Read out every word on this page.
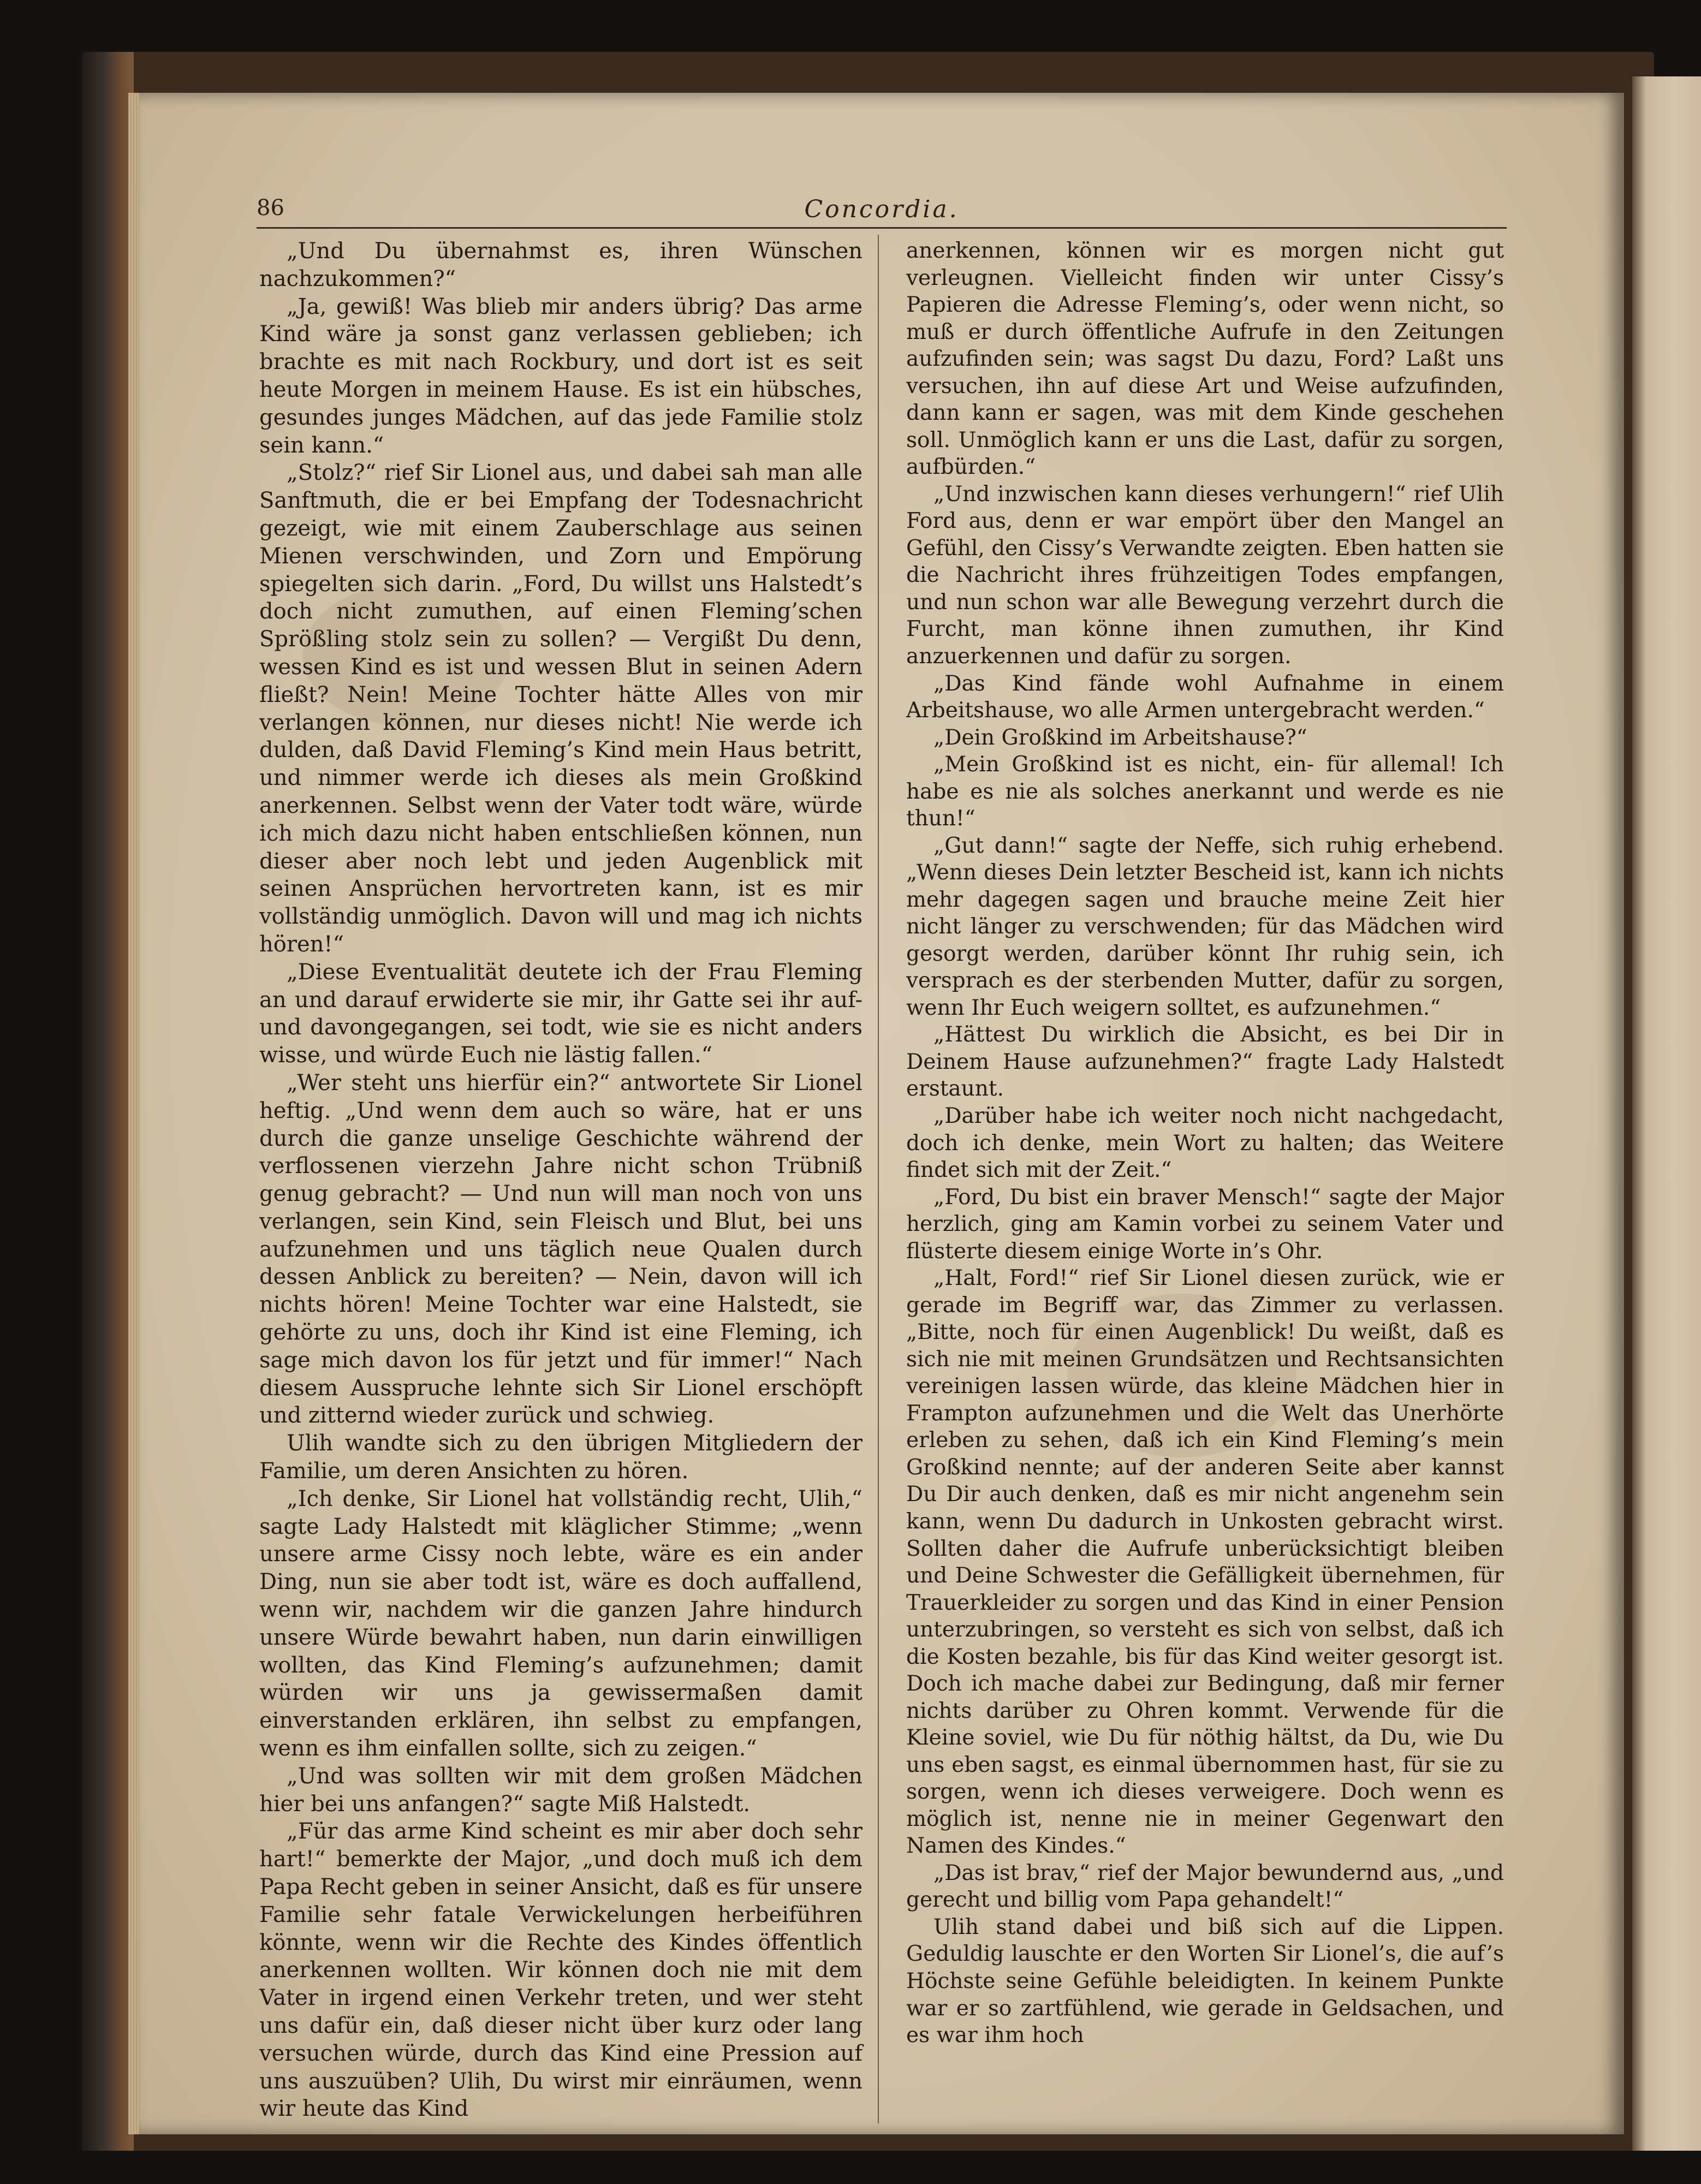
86	Concordia.

„Und Du übernahmst es, ihren Wünschen nachzukommen?“

„Ja, gewiß! Was blieb mir anders übrig? Das arme Kind wäre ja sonst ganz verlassen geblieben; ich brachte es mit nach Rockbury, und dort ist es seit heute Morgen in meinem Hause. Es ist ein hübsches, gesundes junges Mädchen, auf das jede Familie stolz sein kann.“

„Stolz?“ rief Sir Lionel aus, und dabei sah man alle Sanftmuth, die er bei Empfang der Todesnachricht gezeigt, wie mit einem Zauberschlage aus seinen Mienen verschwinden, und Zorn und Empörung spiegelten sich darin. „Ford, Du willst uns Halstedt’s doch nicht zumuthen, auf einen Fleming’schen Sprößling stolz sein zu sollen? — Vergißt Du denn, wessen Kind es ist und wessen Blut in seinen Adern fließt? Nein! Meine Tochter hätte Alles von mir verlangen können, nur dieses nicht! Nie werde ich dulden, daß David Fleming’s Kind mein Haus betritt, und nimmer werde ich dieses als mein Großkind anerkennen. Selbst wenn der Vater todt wäre, würde ich mich dazu nicht haben entschließen können, nun dieser aber noch lebt und jeden Augenblick mit seinen Ansprüchen hervortreten kann, ist es mir vollständig unmöglich. Davon will und mag ich nichts hören!“

„Diese Eventualität deutete ich der Frau Fleming an und darauf erwiderte sie mir, ihr Gatte sei ihr auf- und davongegangen, sei todt, wie sie es nicht anders wisse, und würde Euch nie lästig fallen.“

„Wer steht uns hierfür ein?“ antwortete Sir Lionel heftig. „Und wenn dem auch so wäre, hat er uns durch die ganze unselige Geschichte während der verflossenen vierzehn Jahre nicht schon Trübniß genug gebracht? — Und nun will man noch von uns verlangen, sein Kind, sein Fleisch und Blut, bei uns aufzunehmen und uns täglich neue Qualen durch dessen Anblick zu bereiten? — Nein, davon will ich nichts hören! Meine Tochter war eine Halstedt, sie gehörte zu uns, doch ihr Kind ist eine Fleming, ich sage mich davon los für jetzt und für immer!“ Nach diesem Ausspruche lehnte sich Sir Lionel erschöpft und zitternd wieder zurück und schwieg.

Ulih wandte sich zu den übrigen Mitgliedern der Familie, um deren Ansichten zu hören.

„Ich denke, Sir Lionel hat vollständig recht, Ulih,“ sagte Lady Halstedt mit kläglicher Stimme; „wenn unsere arme Cissy noch lebte, wäre es ein ander Ding, nun sie aber todt ist, wäre es doch auffallend, wenn wir, nachdem wir die ganzen Jahre hindurch unsere Würde bewahrt haben, nun darin einwilligen wollten, das Kind Fleming’s aufzunehmen; damit würden wir uns ja gewissermaßen damit einverstanden erklären, ihn selbst zu empfangen, wenn es ihm einfallen sollte, sich zu zeigen.“

„Und was sollten wir mit dem großen Mädchen hier bei uns anfangen?“ sagte Miß Halstedt.

„Für das arme Kind scheint es mir aber doch sehr hart!“ bemerkte der Major, „und doch muß ich dem Papa Recht geben in seiner Ansicht, daß es für unsere Familie sehr fatale Verwickelungen herbeiführen könnte, wenn wir die Rechte des Kindes öffentlich anerkennen wollten. Wir können doch nie mit dem Vater in irgend einen Verkehr treten, und wer steht uns dafür ein, daß dieser nicht über kurz oder lang versuchen würde, durch das Kind eine Pression auf uns auszuüben? Ulih, Du wirst mir einräumen, wenn wir heute das Kind

anerkennen, können wir es morgen nicht gut verleugnen. Vielleicht finden wir unter Cissy’s Papieren die Adresse Fleming’s, oder wenn nicht, so muß er durch öffentliche Aufrufe in den Zeitungen aufzufinden sein; was sagst Du dazu, Ford? Laßt uns versuchen, ihn auf diese Art und Weise aufzufinden, dann kann er sagen, was mit dem Kinde geschehen soll. Unmöglich kann er uns die Last, dafür zu sorgen, aufbürden.“

„Und inzwischen kann dieses verhungern!“ rief Ulih Ford aus, denn er war empört über den Mangel an Gefühl, den Cissy’s Verwandte zeigten. Eben hatten sie die Nachricht ihres frühzeitigen Todes empfangen, und nun schon war alle Bewegung verzehrt durch die Furcht, man könne ihnen zumuthen, ihr Kind anzuerkennen und dafür zu sorgen.

„Das Kind fände wohl Aufnahme in einem Arbeitshause, wo alle Armen untergebracht werden.“

„Dein Großkind im Arbeitshause?“

„Mein Großkind ist es nicht, ein- für allemal! Ich habe es nie als solches anerkannt und werde es nie thun!“

„Gut dann!“ sagte der Neffe, sich ruhig erhebend. „Wenn dieses Dein letzter Bescheid ist, kann ich nichts mehr dagegen sagen und brauche meine Zeit hier nicht länger zu verschwenden; für das Mädchen wird gesorgt werden, darüber könnt Ihr ruhig sein, ich versprach es der sterbenden Mutter, dafür zu sorgen, wenn Ihr Euch weigern solltet, es aufzunehmen.“

„Hättest Du wirklich die Absicht, es bei Dir in Deinem Hause aufzunehmen?“ fragte Lady Halstedt erstaunt.

„Darüber habe ich weiter noch nicht nachgedacht, doch ich denke, mein Wort zu halten; das Weitere findet sich mit der Zeit.“

„Ford, Du bist ein braver Mensch!“ sagte der Major herzlich, ging am Kamin vorbei zu seinem Vater und flüsterte diesem einige Worte in’s Ohr.

„Halt, Ford!“ rief Sir Lionel diesen zurück, wie er gerade im Begriff war, das Zimmer zu verlassen. „Bitte, noch für einen Augenblick! Du weißt, daß es sich nie mit meinen Grundsätzen und Rechtsansichten vereinigen lassen würde, das kleine Mädchen hier in Frampton aufzunehmen und die Welt das Unerhörte erleben zu sehen, daß ich ein Kind Fleming’s mein Großkind nennte; auf der anderen Seite aber kannst Du Dir auch denken, daß es mir nicht angenehm sein kann, wenn Du dadurch in Unkosten gebracht wirst. Sollten daher die Aufrufe unberücksichtigt bleiben und Deine Schwester die Gefälligkeit übernehmen, für Trauerkleider zu sorgen und das Kind in einer Pension unterzubringen, so versteht es sich von selbst, daß ich die Kosten bezahle, bis für das Kind weiter gesorgt ist. Doch ich mache dabei zur Bedingung, daß mir ferner nichts darüber zu Ohren kommt. Verwende für die Kleine soviel, wie Du für nöthig hältst, da Du, wie Du uns eben sagst, es einmal übernommen hast, für sie zu sorgen, wenn ich dieses verweigere. Doch wenn es möglich ist, nenne nie in meiner Gegenwart den Namen des Kindes.“

„Das ist brav,“ rief der Major bewundernd aus, „und gerecht und billig vom Papa gehandelt!“

Ulih stand dabei und biß sich auf die Lippen. Geduldig lauschte er den Worten Sir Lionel’s, die auf’s Höchste seine Gefühle beleidigten. In keinem Punkte war er so zartfühlend, wie gerade in Geldsachen, und es war ihm hoch
